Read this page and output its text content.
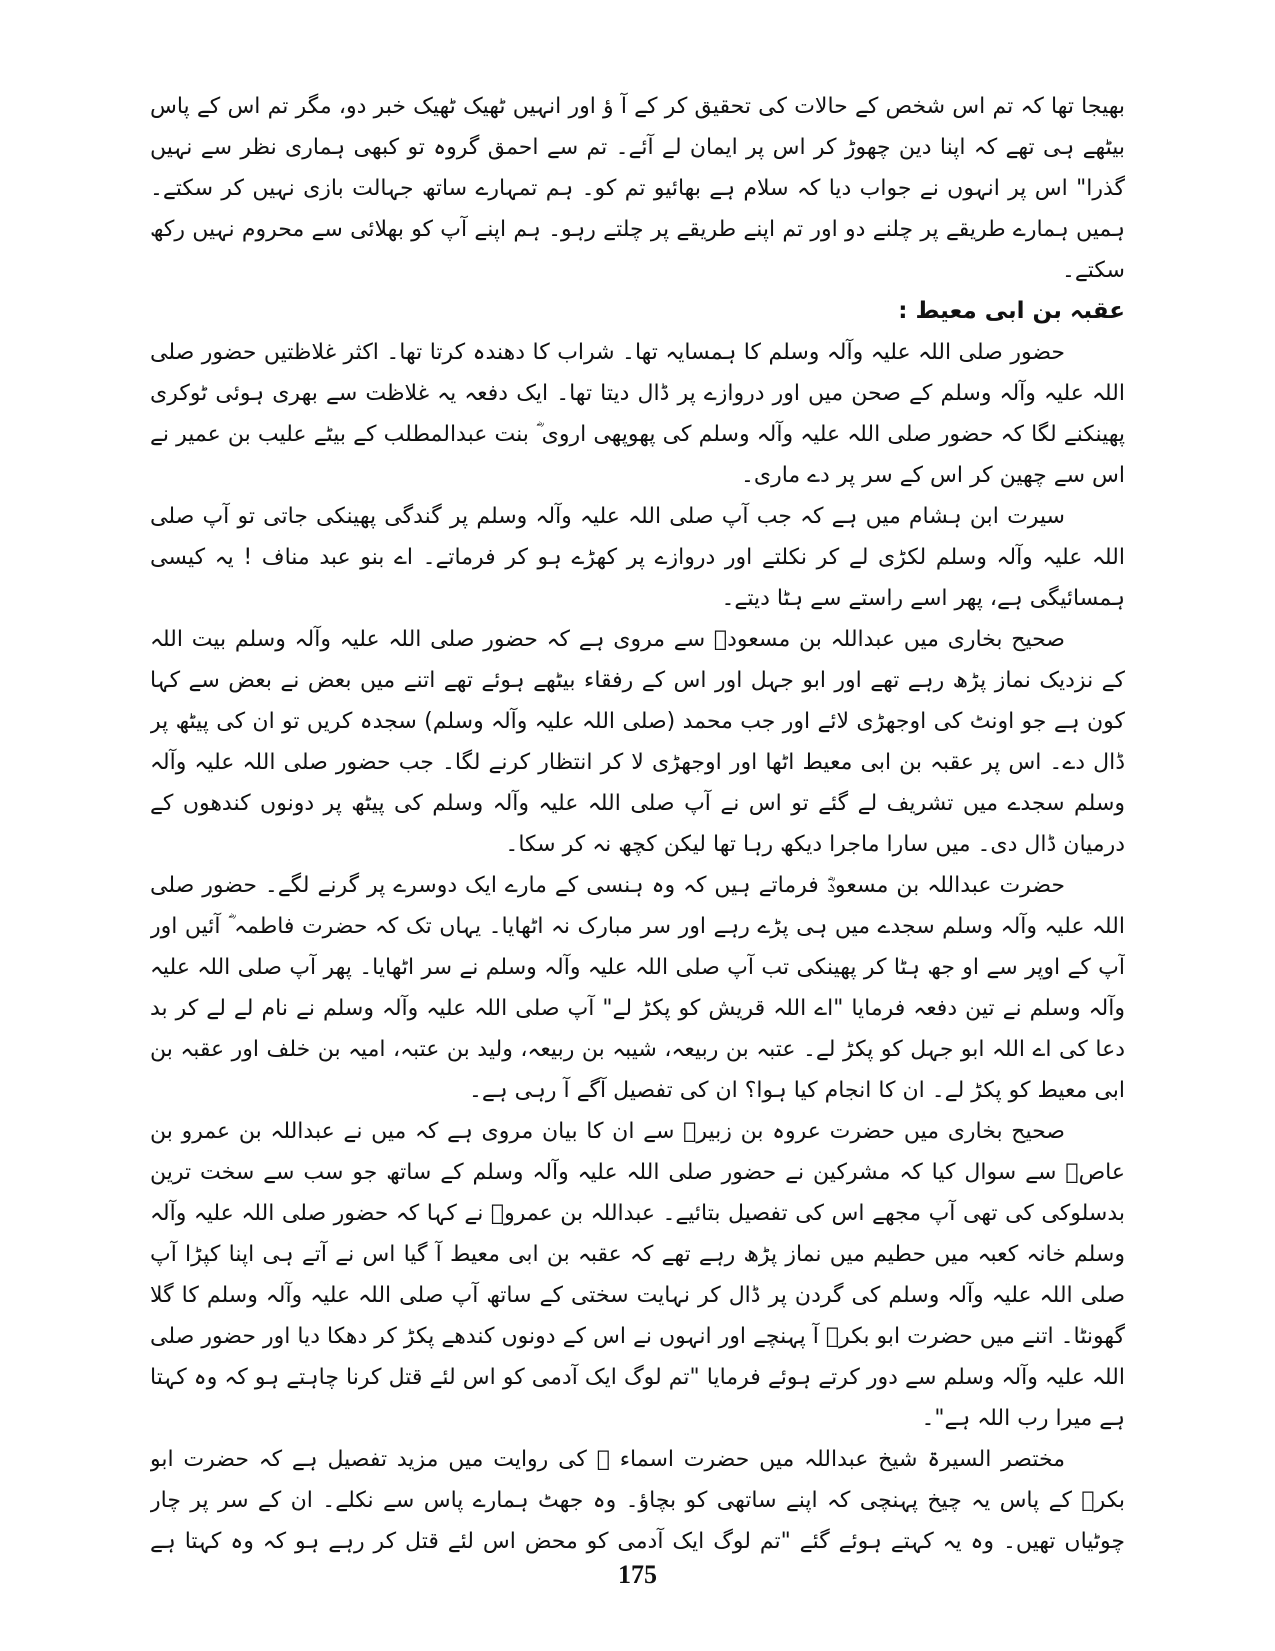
بھیجا تھا کہ تم اس شخص کے حالات کی تحقیق کر کے آ ؤ اور انہیں ٹھیک ٹھیک خبر دو، مگر تم اس کے پاس بیٹھے ہی تھے کہ اپنا دین چھوڑ کر اس پر ایمان لے آئے۔ تم سے احمق گروہ تو کبھی ہماری نظر سے نہیں گذرا" اس پر انہوں نے جواب دیا کہ سلام ہے بھائیو تم کو۔ ہم تمہارے ساتھ جہالت بازی نہیں کر سکتے۔ ہمیں ہمارے طریقے پر چلنے دو اور تم اپنے طریقے پر چلتے رہو۔ ہم اپنے آپ کو بھلائی سے محروم نہیں رکھ سکتے۔

عقبہ بن ابی معیط :

حضور صلی اللہ علیہ وآلہ وسلم کا ہمسایہ تھا۔ شراب کا دھندہ کرتا تھا۔ اکثر غلاظتیں حضور صلی اللہ علیہ وآلہ وسلم کے صحن میں اور دروازے پر ڈال دیتا تھا۔ ایک دفعہ یہ غلاظت سے بھری ہوئی ٹوکری پھینکنے لگا کہ حضور صلی اللہ علیہ وآلہ وسلم کی پھوپھی اروی ؓ بنت عبدالمطلب کے بیٹے علیب بن عمیر نے اس سے چھین کر اس کے سر پر دے ماری۔

سیرت ابن ہشام میں ہے کہ جب آپ صلی اللہ علیہ وآلہ وسلم پر گندگی پھینکی جاتی تو آپ صلی اللہ علیہ وآلہ وسلم لکڑی لے کر نکلتے اور دروازے پر کھڑے ہو کر فرماتے۔ اے بنو عبد مناف ! یہ کیسی ہمسائیگی ہے، پھر اسے راستے سے ہٹا دیتے۔

صحیح بخاری میں عبداللہ بن مسعودؓ سے مروی ہے کہ حضور صلی اللہ علیہ وآلہ وسلم بیت اللہ کے نزدیک نماز پڑھ رہے تھے اور ابو جہل اور اس کے رفقاء بیٹھے ہوئے تھے اتنے میں بعض نے بعض سے کہا کون ہے جو اونٹ کی اوجھڑی لائے اور جب محمد (صلی اللہ علیہ وآلہ وسلم) سجدہ کریں تو ان کی پیٹھ پر ڈال دے۔ اس پر عقبہ بن ابی معیط اٹھا اور اوجھڑی لا کر انتظار کرنے لگا۔ جب حضور صلی اللہ علیہ وآلہ وسلم سجدے میں تشریف لے گئے تو اس نے آپ صلی اللہ علیہ وآلہ وسلم کی پیٹھ پر دونوں کندھوں کے درمیان ڈال دی۔ میں سارا ماجرا دیکھ رہا تھا لیکن کچھ نہ کر سکا۔

حضرت عبداللہ بن مسعودؓ فرماتے ہیں کہ وہ ہنسی کے مارے ایک دوسرے پر گرنے لگے۔ حضور صلی اللہ علیہ وآلہ وسلم سجدے میں ہی پڑے رہے اور سر مبارک نہ اٹھایا۔ یہاں تک کہ حضرت فاطمہ ؓ آئیں اور آپ کے اوپر سے او جھ ہٹا کر پھینکی تب آپ صلی اللہ علیہ وآلہ وسلم نے سر اٹھایا۔ پھر آپ صلی اللہ علیہ وآلہ وسلم نے تین دفعہ فرمایا "اے اللہ قریش کو پکڑ لے" آپ صلی اللہ علیہ وآلہ وسلم نے نام لے لے کر بد دعا کی اے اللہ ابو جہل کو پکڑ لے۔ عتبہ بن ربیعہ، شیبہ بن ربیعہ، ولید بن عتبہ، امیہ بن خلف اور عقبہ بن ابی معیط کو پکڑ لے۔ ان کا انجام کیا ہوا؟ ان کی تفصیل آگے آ رہی ہے۔

صحیح بخاری میں حضرت عروہ بن زبیرؓ سے ان کا بیان مروی ہے کہ میں نے عبداللہ بن عمرو بن عاصؓ سے سوال کیا کہ مشرکین نے حضور صلی اللہ علیہ وآلہ وسلم کے ساتھ جو سب سے سخت ترین بدسلوکی کی تھی آپ مجھے اس کی تفصیل بتائیے۔ عبداللہ بن عمروؓ نے کہا کہ حضور صلی اللہ علیہ وآلہ وسلم خانہ کعبہ میں حطیم میں نماز پڑھ رہے تھے کہ عقبہ بن ابی معیط آ گیا اس نے آتے ہی اپنا کپڑا آپ صلی اللہ علیہ وآلہ وسلم کی گردن پر ڈال کر نہایت سختی کے ساتھ آپ صلی اللہ علیہ وآلہ وسلم کا گلا گھونٹا۔ اتنے میں حضرت ابو بکرؓ آ پہنچے اور انہوں نے اس کے دونوں کندھے پکڑ کر دھکا دیا اور حضور صلی اللہ علیہ وآلہ وسلم سے دور کرتے ہوئے فرمایا "تم لوگ ایک آدمی کو اس لئے قتل کرنا چاہتے ہو کہ وہ کہتا ہے میرا رب اللہ ہے"۔

مختصر السیرۃ شیخ عبداللہ میں حضرت اسماء ؓ کی روایت میں مزید تفصیل ہے کہ حضرت ابو بکرؓ کے پاس یہ چیخ پہنچی کہ اپنے ساتھی کو بچاؤ۔ وہ جھٹ ہمارے پاس سے نکلے۔ ان کے سر پر چار چوٹیاں تھیں۔ وہ یہ کہتے ہوئے گئے "تم لوگ ایک آدمی کو محض اس لئے قتل کر رہے ہو کہ وہ کہتا ہے

175
